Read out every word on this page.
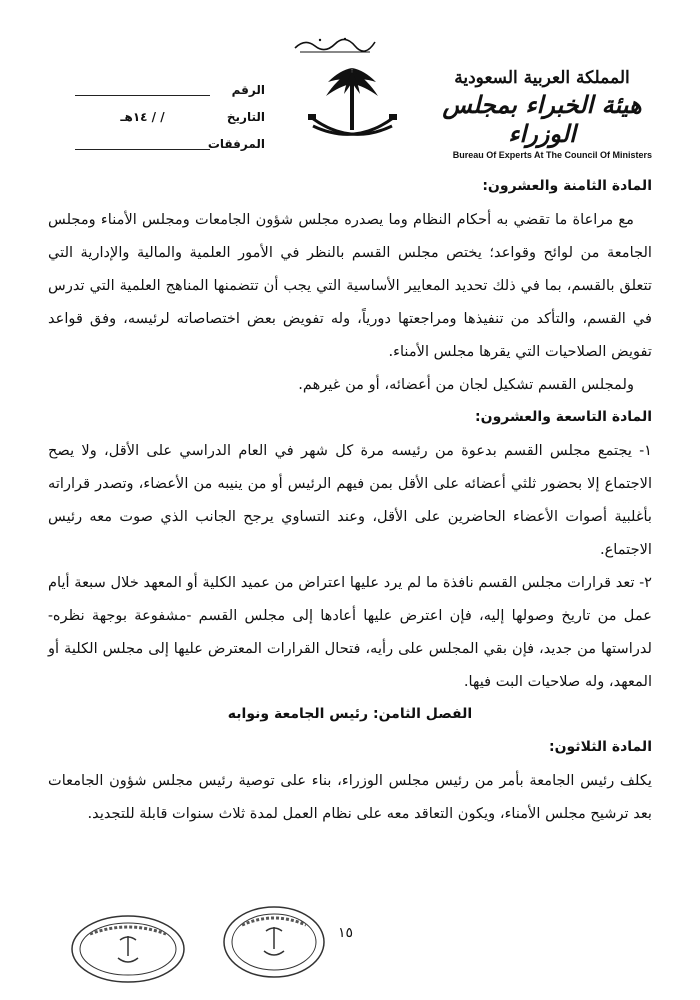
الرقم
التاريخ
/ / ١٤هـ
المرفقات
المملكة العربية السعودية
هيئة الخبراء بمجلس الوزراء
Bureau Of Experts At The Council Of Ministers

المادة الثامنة والعشرون:

مع مراعاة ما تقضي به أحكام النظام وما يصدره مجلس شؤون الجامعات ومجلس الأمناء ومجلس الجامعة من لوائح وقواعد؛ يختص مجلس القسم بالنظر في الأمور العلمية والمالية والإدارية التي تتعلق بالقسم، بما في ذلك تحديد المعايير الأساسية التي يجب أن تتضمنها المناهج العلمية التي تدرس في القسم، والتأكد من تنفيذها ومراجعتها دورياً، وله تفويض بعض اختصاصاته لرئيسه، وفق قواعد تفويض الصلاحيات التي يقرها مجلس الأمناء.

ولمجلس القسم تشكيل لجان من أعضائه، أو من غيرهم.

المادة التاسعة والعشرون:

١- يجتمع مجلس القسم بدعوة من رئيسه مرة كل شهر في العام الدراسي على الأقل، ولا يصح الاجتماع إلا بحضور ثلثي أعضائه على الأقل بمن فيهم الرئيس أو من ينيبه من الأعضاء، وتصدر قراراته بأغلبية أصوات الأعضاء الحاضرين على الأقل، وعند التساوي يرجح الجانب الذي صوت معه رئيس الاجتماع.

٢- تعد قرارات مجلس القسم نافذة ما لم يرد عليها اعتراض من عميد الكلية أو المعهد خلال سبعة أيام عمل من تاريخ وصولها إليه، فإن اعترض عليها أعادها إلى مجلس القسم -مشفوعة بوجهة نظره- لدراستها من جديد، فإن بقي المجلس على رأيه، فتحال القرارات المعترض عليها إلى مجلس الكلية أو المعهد، وله صلاحيات البت فيها.

الفصل الثامن: رئيس الجامعة ونوابه

المادة الثلاثون:

يكلف رئيس الجامعة بأمر من رئيس مجلس الوزراء، بناء على توصية رئيس مجلس شؤون الجامعات بعد ترشيح مجلس الأمناء، ويكون التعاقد معه على نظام العمل لمدة ثلاث سنوات قابلة للتجديد.

١٥
